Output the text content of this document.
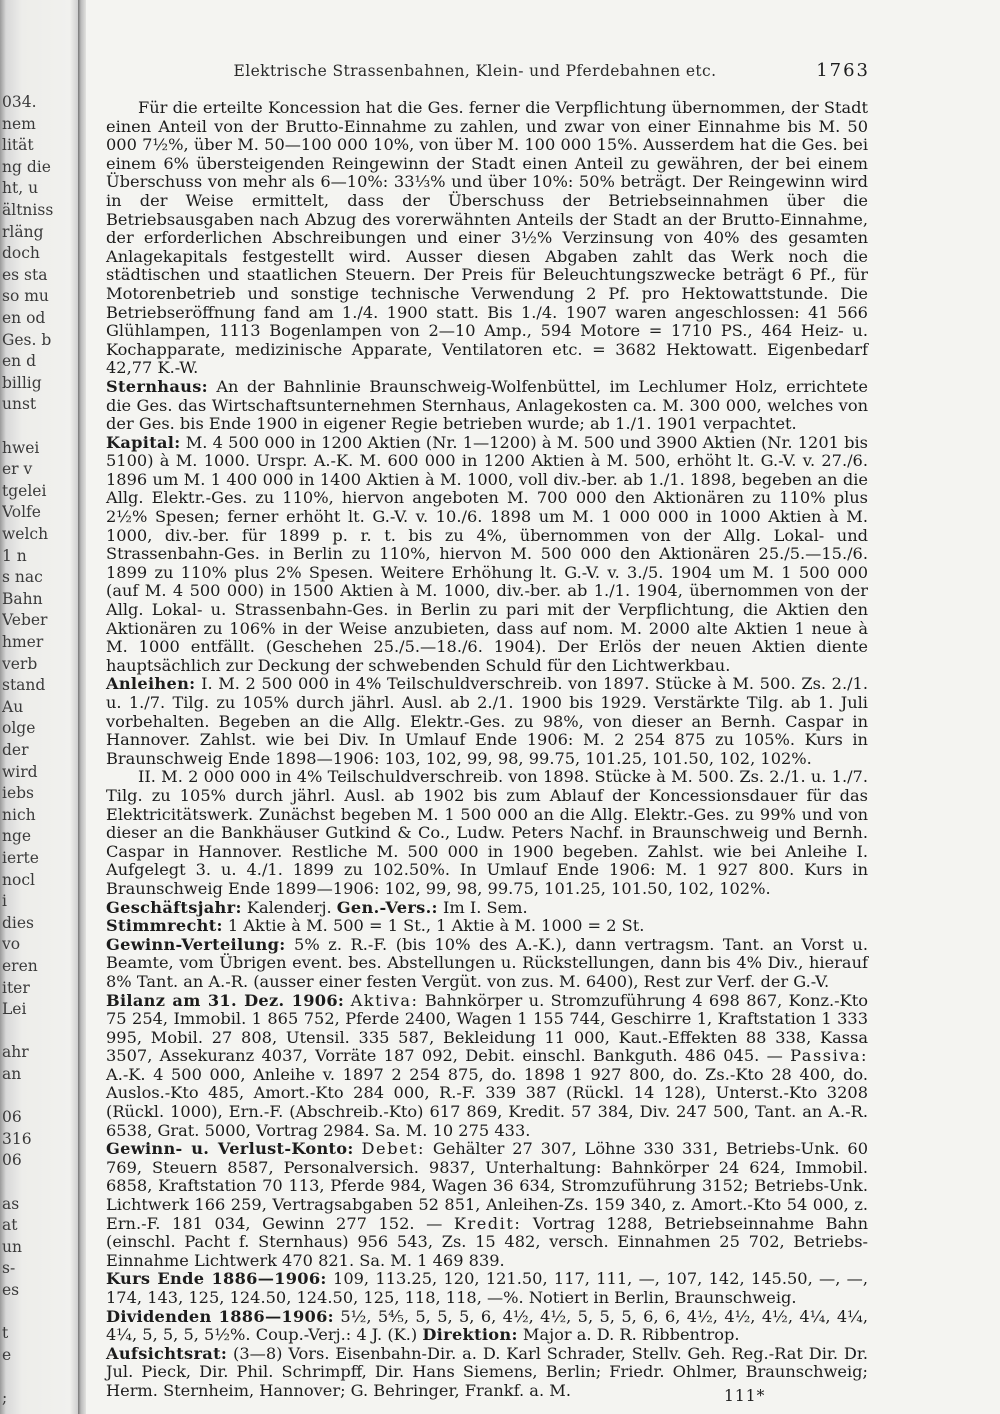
034.
nem
lität
ng die
ht, u
ältniss
rläng
doch
es sta
so mu
en od
Ges. b
en d
billig
unst
hwei
er v
tgelei
Volfe
welch
1 n
s nac
Bahn
Veber
hmer
verb
stand
Au
olge
der
wird
iebs
nich
nge
ierte
nocl
i
dies
vo
eren
iter
Lei
ahr
an
06
316
06
as
at
un
s-
es
t
e
;
Elektrische Strassenbahnen, Klein- und Pferdebahnen etc.	1763

Für die erteilte Koncession hat die Ges. ferner die Verpflichtung übernommen, der Stadt einen Anteil von der Brutto-Einnahme zu zahlen, und zwar von einer Einnahme bis M. 50 000 7½%, über M. 50—100 000 10%, von über M. 100 000 15%. Ausserdem hat die Ges. bei einem 6% übersteigenden Reingewinn der Stadt einen Anteil zu gewähren, der bei einem Überschuss von mehr als 6—10%: 33⅓% und über 10%: 50% beträgt. Der Reingewinn wird in der Weise ermittelt, dass der Überschuss der Betriebseinnahmen über die Betriebsausgaben nach Abzug des vorerwähnten Anteils der Stadt an der Brutto-Einnahme, der erforderlichen Abschreibungen und einer 3½% Verzinsung von 40% des gesamten Anlagekapitals festgestellt wird. Ausser diesen Abgaben zahlt das Werk noch die städtischen und staatlichen Steuern. Der Preis für Beleuchtungszwecke beträgt 6 Pf., für Motorenbetrieb und sonstige technische Verwendung 2 Pf. pro Hektowattstunde. Die Betriebseröffnung fand am 1./4. 1900 statt. Bis 1./4. 1907 waren angeschlossen: 41 566 Glühlampen, 1113 Bogenlampen von 2—10 Amp., 594 Motore = 1710 PS., 464 Heiz- u. Kochapparate, medizinische Apparate, Ventilatoren etc. = 3682 Hektowatt. Eigenbedarf 42,77 K.-W.

Sternhaus: An der Bahnlinie Braunschweig-Wolfenbüttel, im Lechlumer Holz, errichtete die Ges. das Wirtschaftsunternehmen Sternhaus, Anlagekosten ca. M. 300 000, welches von der Ges. bis Ende 1900 in eigener Regie betrieben wurde; ab 1./1. 1901 verpachtet.

Kapital: M. 4 500 000 in 1200 Aktien (Nr. 1—1200) à M. 500 und 3900 Aktien (Nr. 1201 bis 5100) à M. 1000. Urspr. A.-K. M. 600 000 in 1200 Aktien à M. 500, erhöht lt. G.-V. v. 27./6. 1896 um M. 1 400 000 in 1400 Aktien à M. 1000, voll div.-ber. ab 1./1. 1898, begeben an die Allg. Elektr.-Ges. zu 110%, hiervon angeboten M. 700 000 den Aktionären zu 110% plus 2½% Spesen; ferner erhöht lt. G.-V. v. 10./6. 1898 um M. 1 000 000 in 1000 Aktien à M. 1000, div.-ber. für 1899 p. r. t. bis zu 4%, übernommen von der Allg. Lokal- und Strassenbahn-Ges. in Berlin zu 110%, hiervon M. 500 000 den Aktionären 25./5.—15./6. 1899 zu 110% plus 2% Spesen. Weitere Erhöhung lt. G.-V. v. 3./5. 1904 um M. 1 500 000 (auf M. 4 500 000) in 1500 Aktien à M. 1000, div.-ber. ab 1./1. 1904, übernommen von der Allg. Lokal- u. Strassenbahn-Ges. in Berlin zu pari mit der Verpflichtung, die Aktien den Aktionären zu 106% in der Weise anzubieten, dass auf nom. M. 2000 alte Aktien 1 neue à M. 1000 entfällt. (Geschehen 25./5.—18./6. 1904). Der Erlös der neuen Aktien diente hauptsächlich zur Deckung der schwebenden Schuld für den Lichtwerkbau.

Anleihen: I. M. 2 500 000 in 4% Teilschuldverschreib. von 1897. Stücke à M. 500. Zs. 2./1. u. 1./7. Tilg. zu 105% durch jährl. Ausl. ab 2./1. 1900 bis 1929. Verstärkte Tilg. ab 1. Juli vorbehalten. Begeben an die Allg. Elektr.-Ges. zu 98%, von dieser an Bernh. Caspar in Hannover. Zahlst. wie bei Div. In Umlauf Ende 1906: M. 2 254 875 zu 105%. Kurs in Braunschweig Ende 1898—1906: 103, 102, 99, 98, 99.75, 101.25, 101.50, 102, 102%.

II. M. 2 000 000 in 4% Teilschuldverschreib. von 1898. Stücke à M. 500. Zs. 2./1. u. 1./7. Tilg. zu 105% durch jährl. Ausl. ab 1902 bis zum Ablauf der Koncessionsdauer für das Elektricitätswerk. Zunächst begeben M. 1 500 000 an die Allg. Elektr.-Ges. zu 99% und von dieser an die Bankhäuser Gutkind & Co., Ludw. Peters Nachf. in Braunschweig und Bernh. Caspar in Hannover. Restliche M. 500 000 in 1900 begeben. Zahlst. wie bei Anleihe I. Aufgelegt 3. u. 4./1. 1899 zu 102.50%. In Umlauf Ende 1906: M. 1 927 800. Kurs in Braunschweig Ende 1899—1906: 102, 99, 98, 99.75, 101.25, 101.50, 102, 102%.

Geschäftsjahr: Kalenderj. Gen.-Vers.: Im I. Sem.

Stimmrecht: 1 Aktie à M. 500 = 1 St., 1 Aktie à M. 1000 = 2 St.

Gewinn-Verteilung: 5% z. R.-F. (bis 10% des A.-K.), dann vertragsm. Tant. an Vorst u. Beamte, vom Übrigen event. bes. Abstellungen u. Rückstellungen, dann bis 4% Div., hierauf 8% Tant. an A.-R. (ausser einer festen Vergüt. von zus. M. 6400), Rest zur Verf. der G.-V.

Bilanz am 31. Dez. 1906: Aktiva: Bahnkörper u. Stromzuführung 4 698 867, Konz.-Kto 75 254, Immobil. 1 865 752, Pferde 2400, Wagen 1 155 744, Geschirre 1, Kraftstation 1 333 995, Mobil. 27 808, Utensil. 335 587, Bekleidung 11 000, Kaut.-Effekten 88 338, Kassa 3507, Assekuranz 4037, Vorräte 187 092, Debit. einschl. Bankguth. 486 045. — Passiva: A.-K. 4 500 000, Anleihe v. 1897 2 254 875, do. 1898 1 927 800, do. Zs.-Kto 28 400, do. Auslos.-Kto 485, Amort.-Kto 284 000, R.-F. 339 387 (Rückl. 14 128), Unterst.-Kto 3208 (Rückl. 1000), Ern.-F. (Abschreib.-Kto) 617 869, Kredit. 57 384, Div. 247 500, Tant. an A.-R. 6538, Grat. 5000, Vortrag 2984. Sa. M. 10 275 433.

Gewinn- u. Verlust-Konto: Debet: Gehälter 27 307, Löhne 330 331, Betriebs-Unk. 60 769, Steuern 8587, Personalversich. 9837, Unterhaltung: Bahnkörper 24 624, Immobil. 6858, Kraftstation 70 113, Pferde 984, Wagen 36 634, Stromzuführung 3152; Betriebs-Unk. Lichtwerk 166 259, Vertragsabgaben 52 851, Anleihen-Zs. 159 340, z. Amort.-Kto 54 000, z. Ern.-F. 181 034, Gewinn 277 152. — Kredit: Vortrag 1288, Betriebseinnahme Bahn (einschl. Pacht f. Sternhaus) 956 543, Zs. 15 482, versch. Einnahmen 25 702, Betriebs-Einnahme Lichtwerk 470 821. Sa. M. 1 469 839.

Kurs Ende 1886—1906: 109, 113.25, 120, 121.50, 117, 111, —, 107, 142, 145.50, —, —, 174, 143, 125, 124.50, 124.50, 125, 118, 118, —%. Notiert in Berlin, Braunschweig.

Dividenden 1886—1906: 5½, 5⁴⁄₅, 5, 5, 5, 6, 4½, 4½, 5, 5, 5, 6, 6, 4½, 4½, 4½, 4¼, 4¼, 4¼, 5, 5, 5, 5½%. Coup.-Verj.: 4 J. (K.) Direktion: Major a. D. R. Ribbentrop.

Aufsichtsrat: (3—8) Vors. Eisenbahn-Dir. a. D. Karl Schrader, Stellv. Geh. Reg.-Rat Dir. Dr. Jul. Pieck, Dir. Phil. Schrimpff, Dir. Hans Siemens, Berlin; Friedr. Ohlmer, Braunschweig; Herm. Sternheim, Hannover; G. Behringer, Frankf. a. M.	111*
